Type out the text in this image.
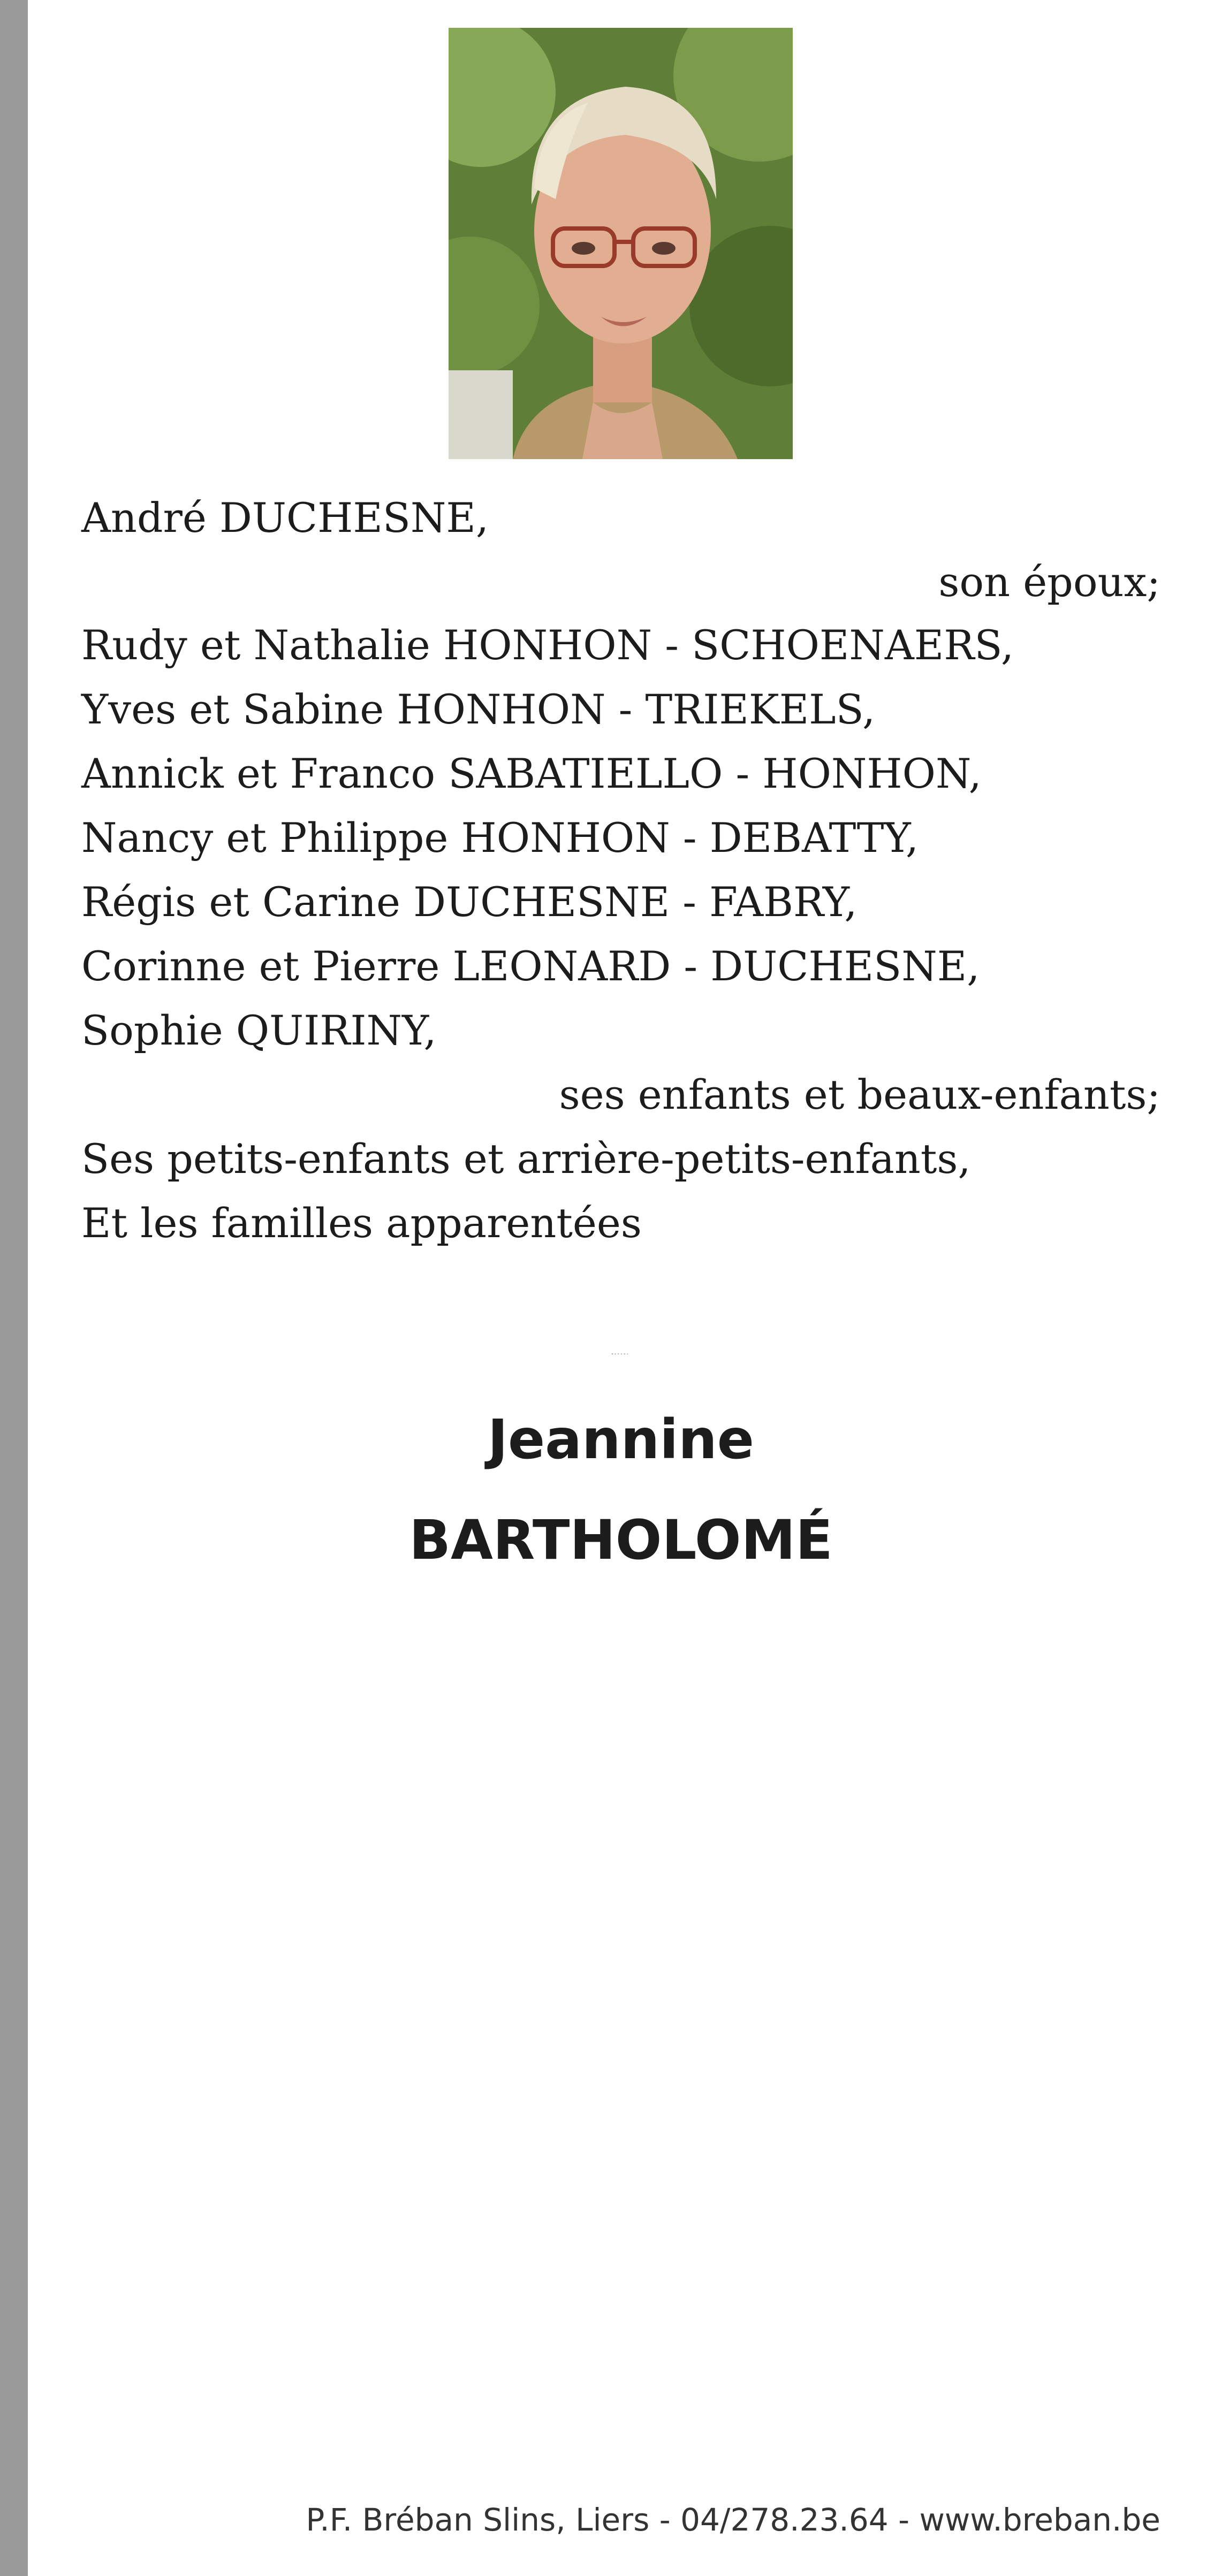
André DUCHESNE,
son époux;
Rudy et Nathalie HONHON - SCHOENAERS,
Yves et Sabine HONHON - TRIEKELS,
Annick et Franco SABATIELLO - HONHON,
Nancy et Philippe HONHON - DEBATTY,
Régis et Carine DUCHESNE - FABRY,
Corinne et Pierre LEONARD - DUCHESNE,
Sophie QUIRINY,
ses enfants et beaux-enfants;
Ses petits-enfants et arrière-petits-enfants,
Et les familles apparentées
MADAME
Jeannine
BARTHOLOMÉ
P.F. Bréban Slins, Liers - 04/278.23.64 - www.breban.be
